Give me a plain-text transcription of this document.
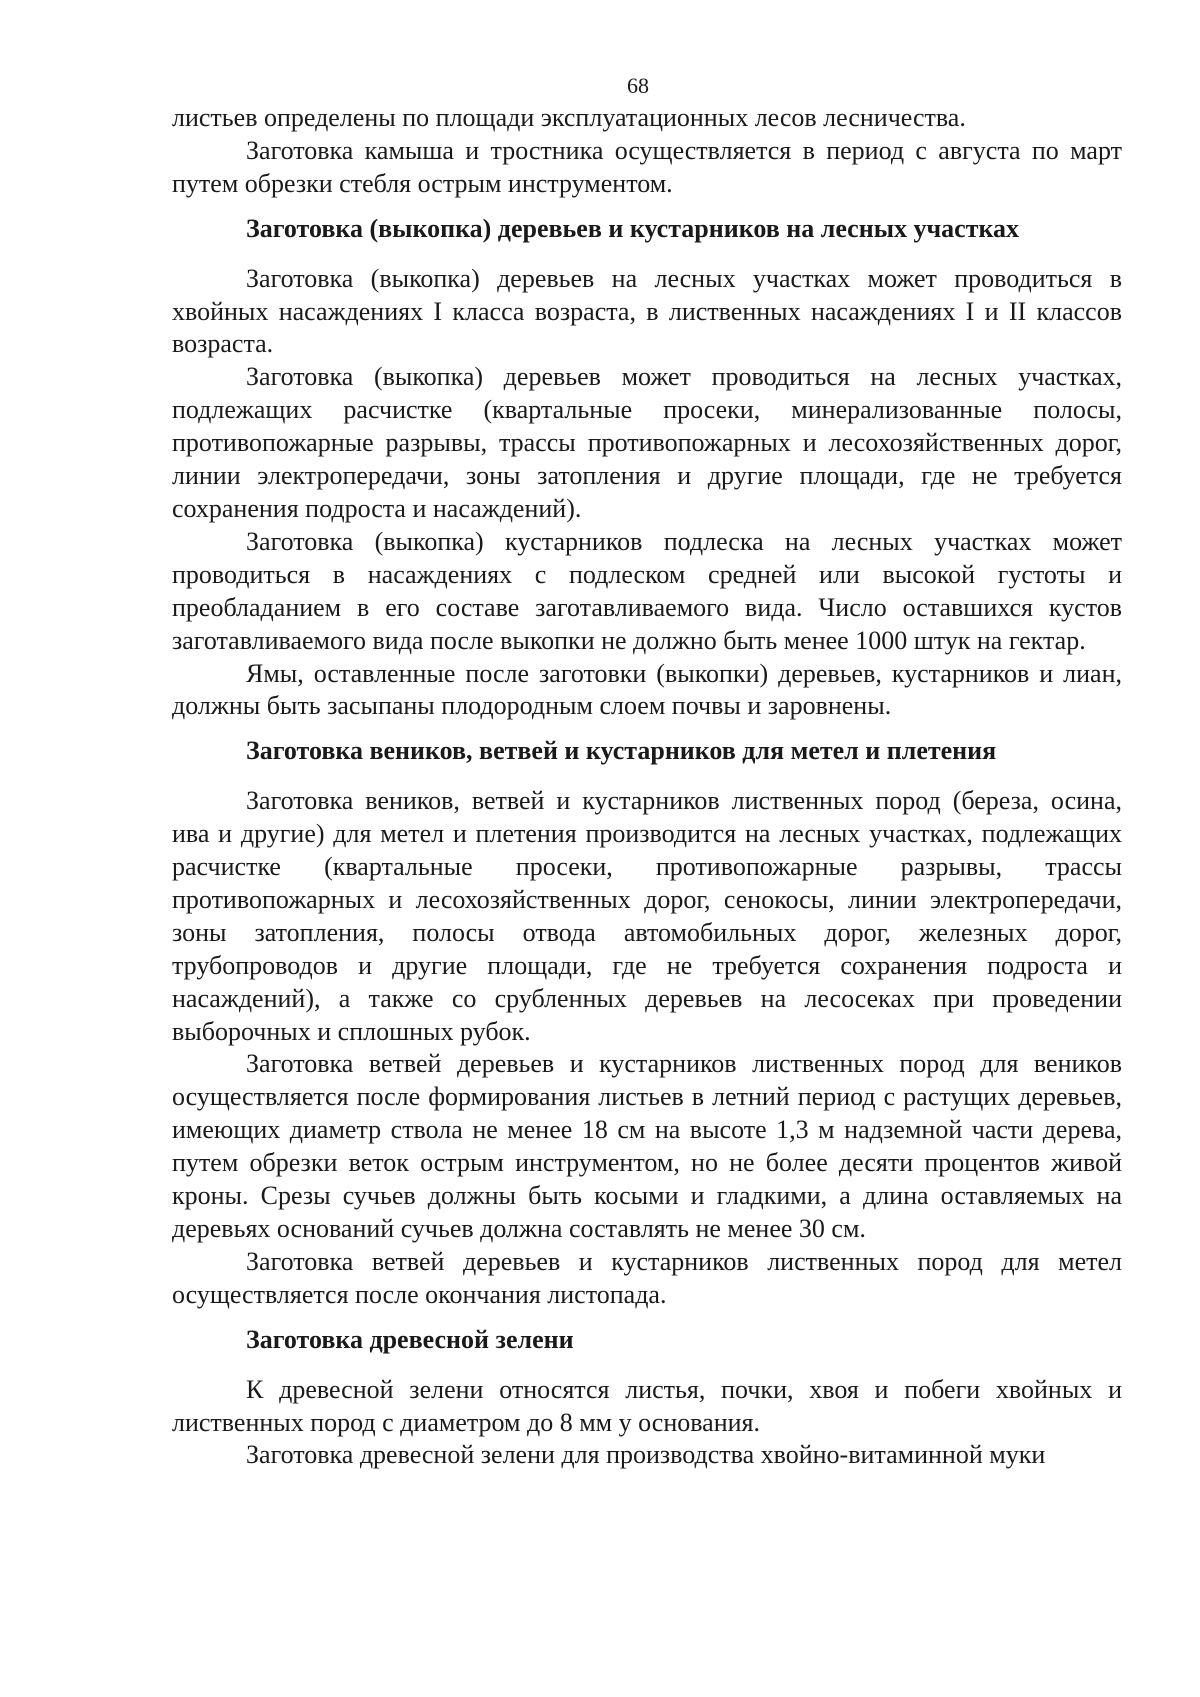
68

листьев определены по площади эксплуатационных лесов лесничества.

Заготовка камыша и тростника осуществляется в период с августа по март путем обрезки стебля острым инструментом.

Заготовка (выкопка) деревьев и кустарников на лесных участках

Заготовка (выкопка) деревьев на лесных участках может проводиться в хвойных насаждениях I класса возраста, в лиственных насаждениях I и II классов возраста.

Заготовка (выкопка) деревьев может проводиться на лесных участках, подлежащих расчистке (квартальные просеки, минерализованные полосы, противопожарные разрывы, трассы противопожарных и лесохозяйственных дорог, линии электропередачи, зоны затопления и другие площади, где не требуется сохранения подроста и насаждений).

Заготовка (выкопка) кустарников подлеска на лесных участках может проводиться в насаждениях с подлеском средней или высокой густоты и преобладанием в его составе заготавливаемого вида. Число оставшихся кустов заготавливаемого вида после выкопки не должно быть менее 1000 штук на гектар.

Ямы, оставленные после заготовки (выкопки) деревьев, кустарников и лиан, должны быть засыпаны плодородным слоем почвы и заровнены.

Заготовка веников, ветвей и кустарников для метел и плетения

Заготовка веников, ветвей и кустарников лиственных пород (береза, осина, ива и другие) для метел и плетения производится на лесных участках, подлежащих расчистке (квартальные просеки, противопожарные разрывы, трассы противопожарных и лесохозяйственных дорог, сенокосы, линии электропередачи, зоны затопления, полосы отвода автомобильных дорог, железных дорог, трубопроводов и другие площади, где не требуется сохранения подроста и насаждений), а также со срубленных деревьев на лесосеках при проведении выборочных и сплошных рубок.

Заготовка ветвей деревьев и кустарников лиственных пород для веников осуществляется после формирования листьев в летний период с растущих деревьев, имеющих диаметр ствола не менее 18 см на высоте 1,3 м надземной части дерева, путем обрезки веток острым инструментом, но не более десяти процентов живой кроны. Срезы сучьев должны быть косыми и гладкими, а длина оставляемых на деревьях оснований сучьев должна составлять не менее 30 см.

Заготовка ветвей деревьев и кустарников лиственных пород для метел осуществляется после окончания листопада.

Заготовка древесной зелени

К древесной зелени относятся листья, почки, хвоя и побеги хвойных и лиственных пород с диаметром до 8 мм у основания.

Заготовка древесной зелени для производства хвойно-витаминной муки
